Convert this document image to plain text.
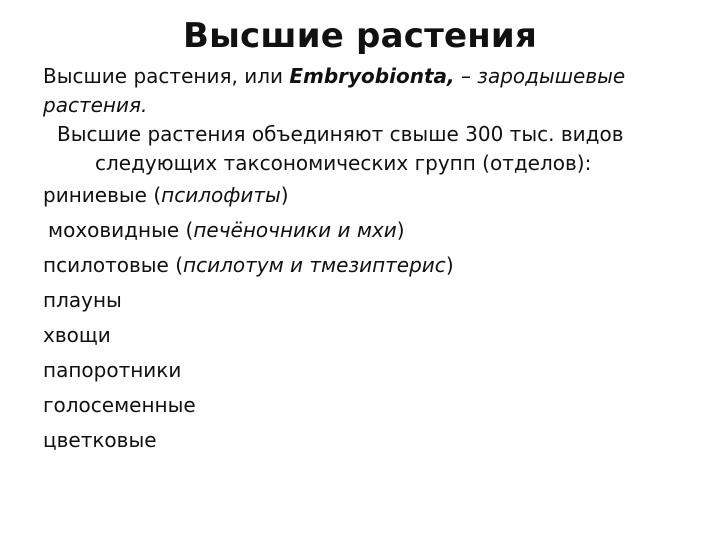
Высшие растения
Высшие растения, или Embryobionta, – зародышевые
растения.
Высшие растения объединяют свыше 300 тыс. видов
следующих таксономических групп (отделов):
риниевые (псилофиты)
моховидные (печёночники и мхи)
псилотовые (псилотум и тмезиптерис)
плауны
хвощи
папоротники
голосеменные
цветковые
